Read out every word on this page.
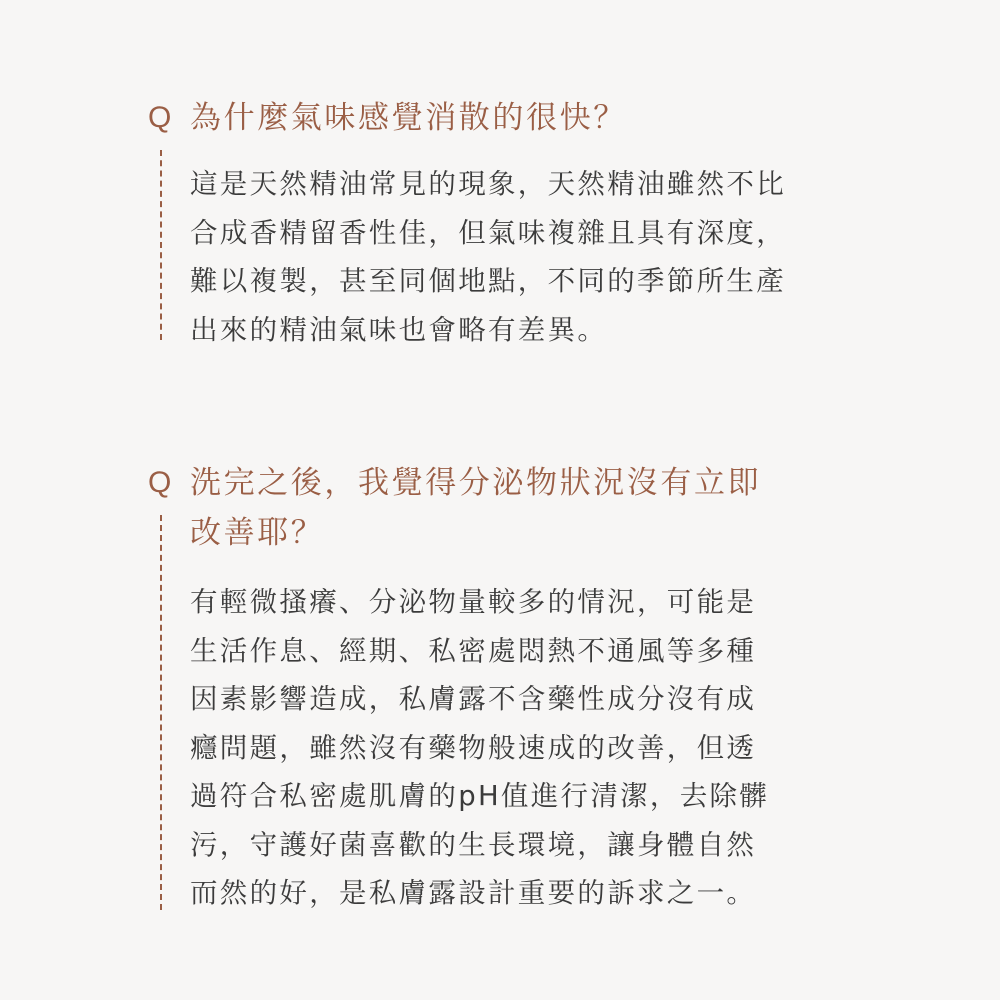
Q 為什麼氣味感覺消散的很快？
這是天然精油常見的現象，天然精油雖然不比
合成香精留香性佳，但氣味複雜且具有深度，
難以複製，甚至同個地點，不同的季節所生產
出來的精油氣味也會略有差異。
Q 洗完之後，我覺得分泌物狀況沒有立即
改善耶？
有輕微搔癢、分泌物量較多的情況，可能是
生活作息、經期、私密處悶熱不通風等多種
因素影響造成，私膚露不含藥性成分沒有成
癮問題，雖然沒有藥物般速成的改善，但透
過符合私密處肌膚的pH值進行清潔，去除髒
污，守護好菌喜歡的生長環境，讓身體自然
而然的好，是私膚露設計重要的訴求之一。
